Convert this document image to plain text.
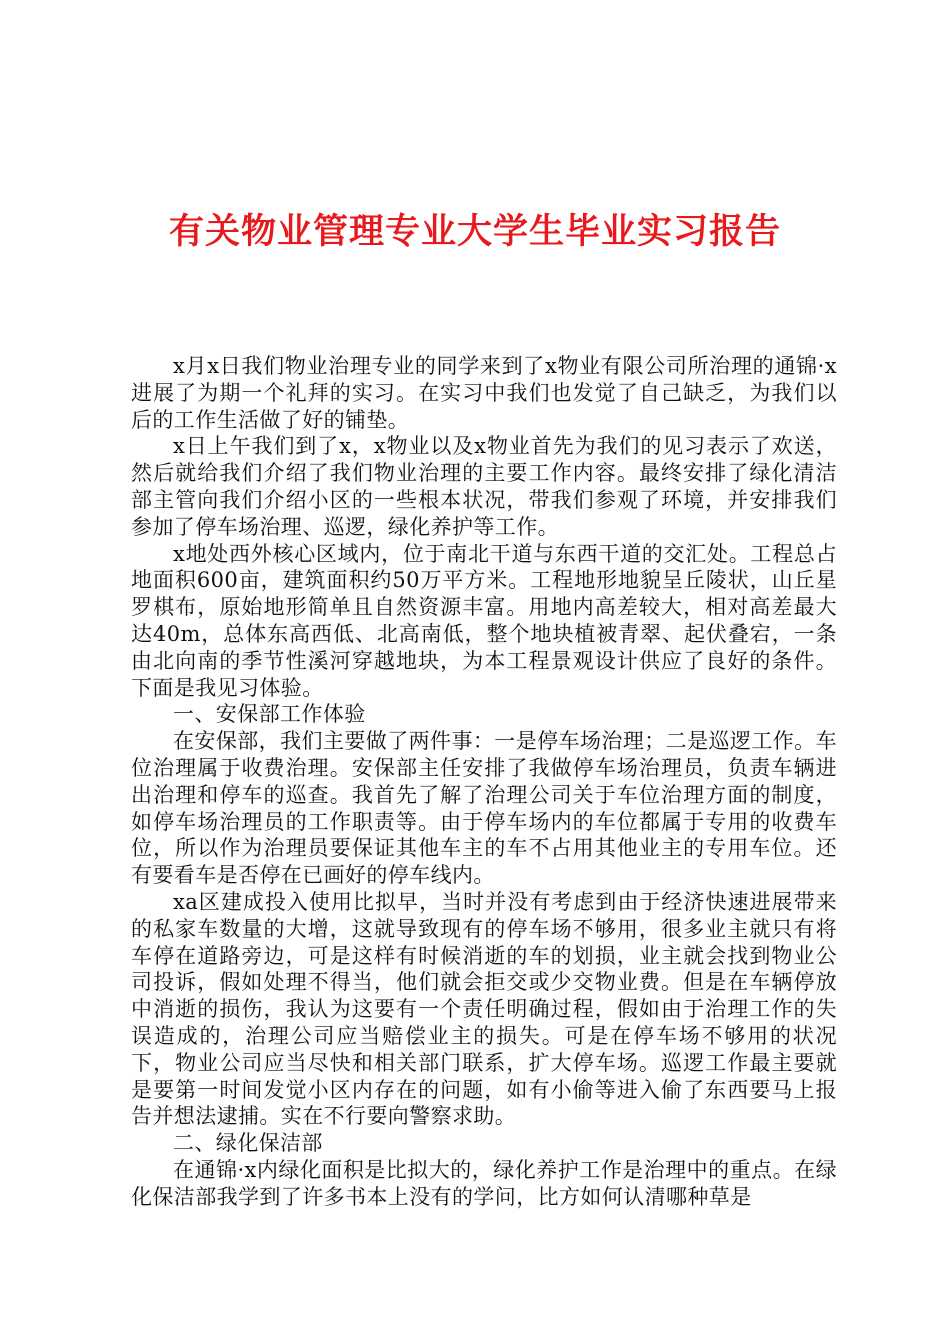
有关物业管理专业大学生毕业实习报告

x月x日我们物业治理专业的同学来到了x物业有限公司所治理的通锦·x进展了为期一个礼拜的实习。在实习中我们也发觉了自己缺乏，为我们以后的工作生活做了好的铺垫。

x日上午我们到了x，x物业以及x物业首先为我们的见习表示了欢送，然后就给我们介绍了我们物业治理的主要工作内容。最终安排了绿化清洁部主管向我们介绍小区的一些根本状况，带我们参观了环境，并安排我们参加了停车场治理、巡逻，绿化养护等工作。

x地处西外核心区域内，位于南北干道与东西干道的交汇处。工程总占地面积600亩，建筑面积约50万平方米。工程地形地貌呈丘陵状，山丘星罗棋布，原始地形简单且自然资源丰富。用地内高差较大，相对高差最大达40m，总体东高西低、北高南低，整个地块植被青翠、起伏叠宕，一条由北向南的季节性溪河穿越地块，为本工程景观设计供应了良好的条件。下面是我见习体验。

一、安保部工作体验

在安保部，我们主要做了两件事：一是停车场治理；二是巡逻工作。车位治理属于收费治理。安保部主任安排了我做停车场治理员，负责车辆进出治理和停车的巡查。我首先了解了治理公司关于车位治理方面的制度，如停车场治理员的工作职责等。由于停车场内的车位都属于专用的收费车位，所以作为治理员要保证其他车主的车不占用其他业主的专用车位。还有要看车是否停在已画好的停车线内。

xa区建成投入使用比拟早，当时并没有考虑到由于经济快速进展带来的私家车数量的大增，这就导致现有的停车场不够用，很多业主就只有将车停在道路旁边，可是这样有时候消逝的车的划损，业主就会找到物业公司投诉，假如处理不得当，他们就会拒交或少交物业费。但是在车辆停放中消逝的损伤，我认为这要有一个责任明确过程，假如由于治理工作的失误造成的，治理公司应当赔偿业主的损失。可是在停车场不够用的状况下，物业公司应当尽快和相关部门联系，扩大停车场。巡逻工作最主要就是要第一时间发觉小区内存在的问题，如有小偷等进入偷了东西要马上报告并想法逮捕。实在不行要向警察求助。

二、绿化保洁部

在通锦·x内绿化面积是比拟大的，绿化养护工作是治理中的重点。在绿化保洁部我学到了许多书本上没有的学问，比方如何认清哪种草是
